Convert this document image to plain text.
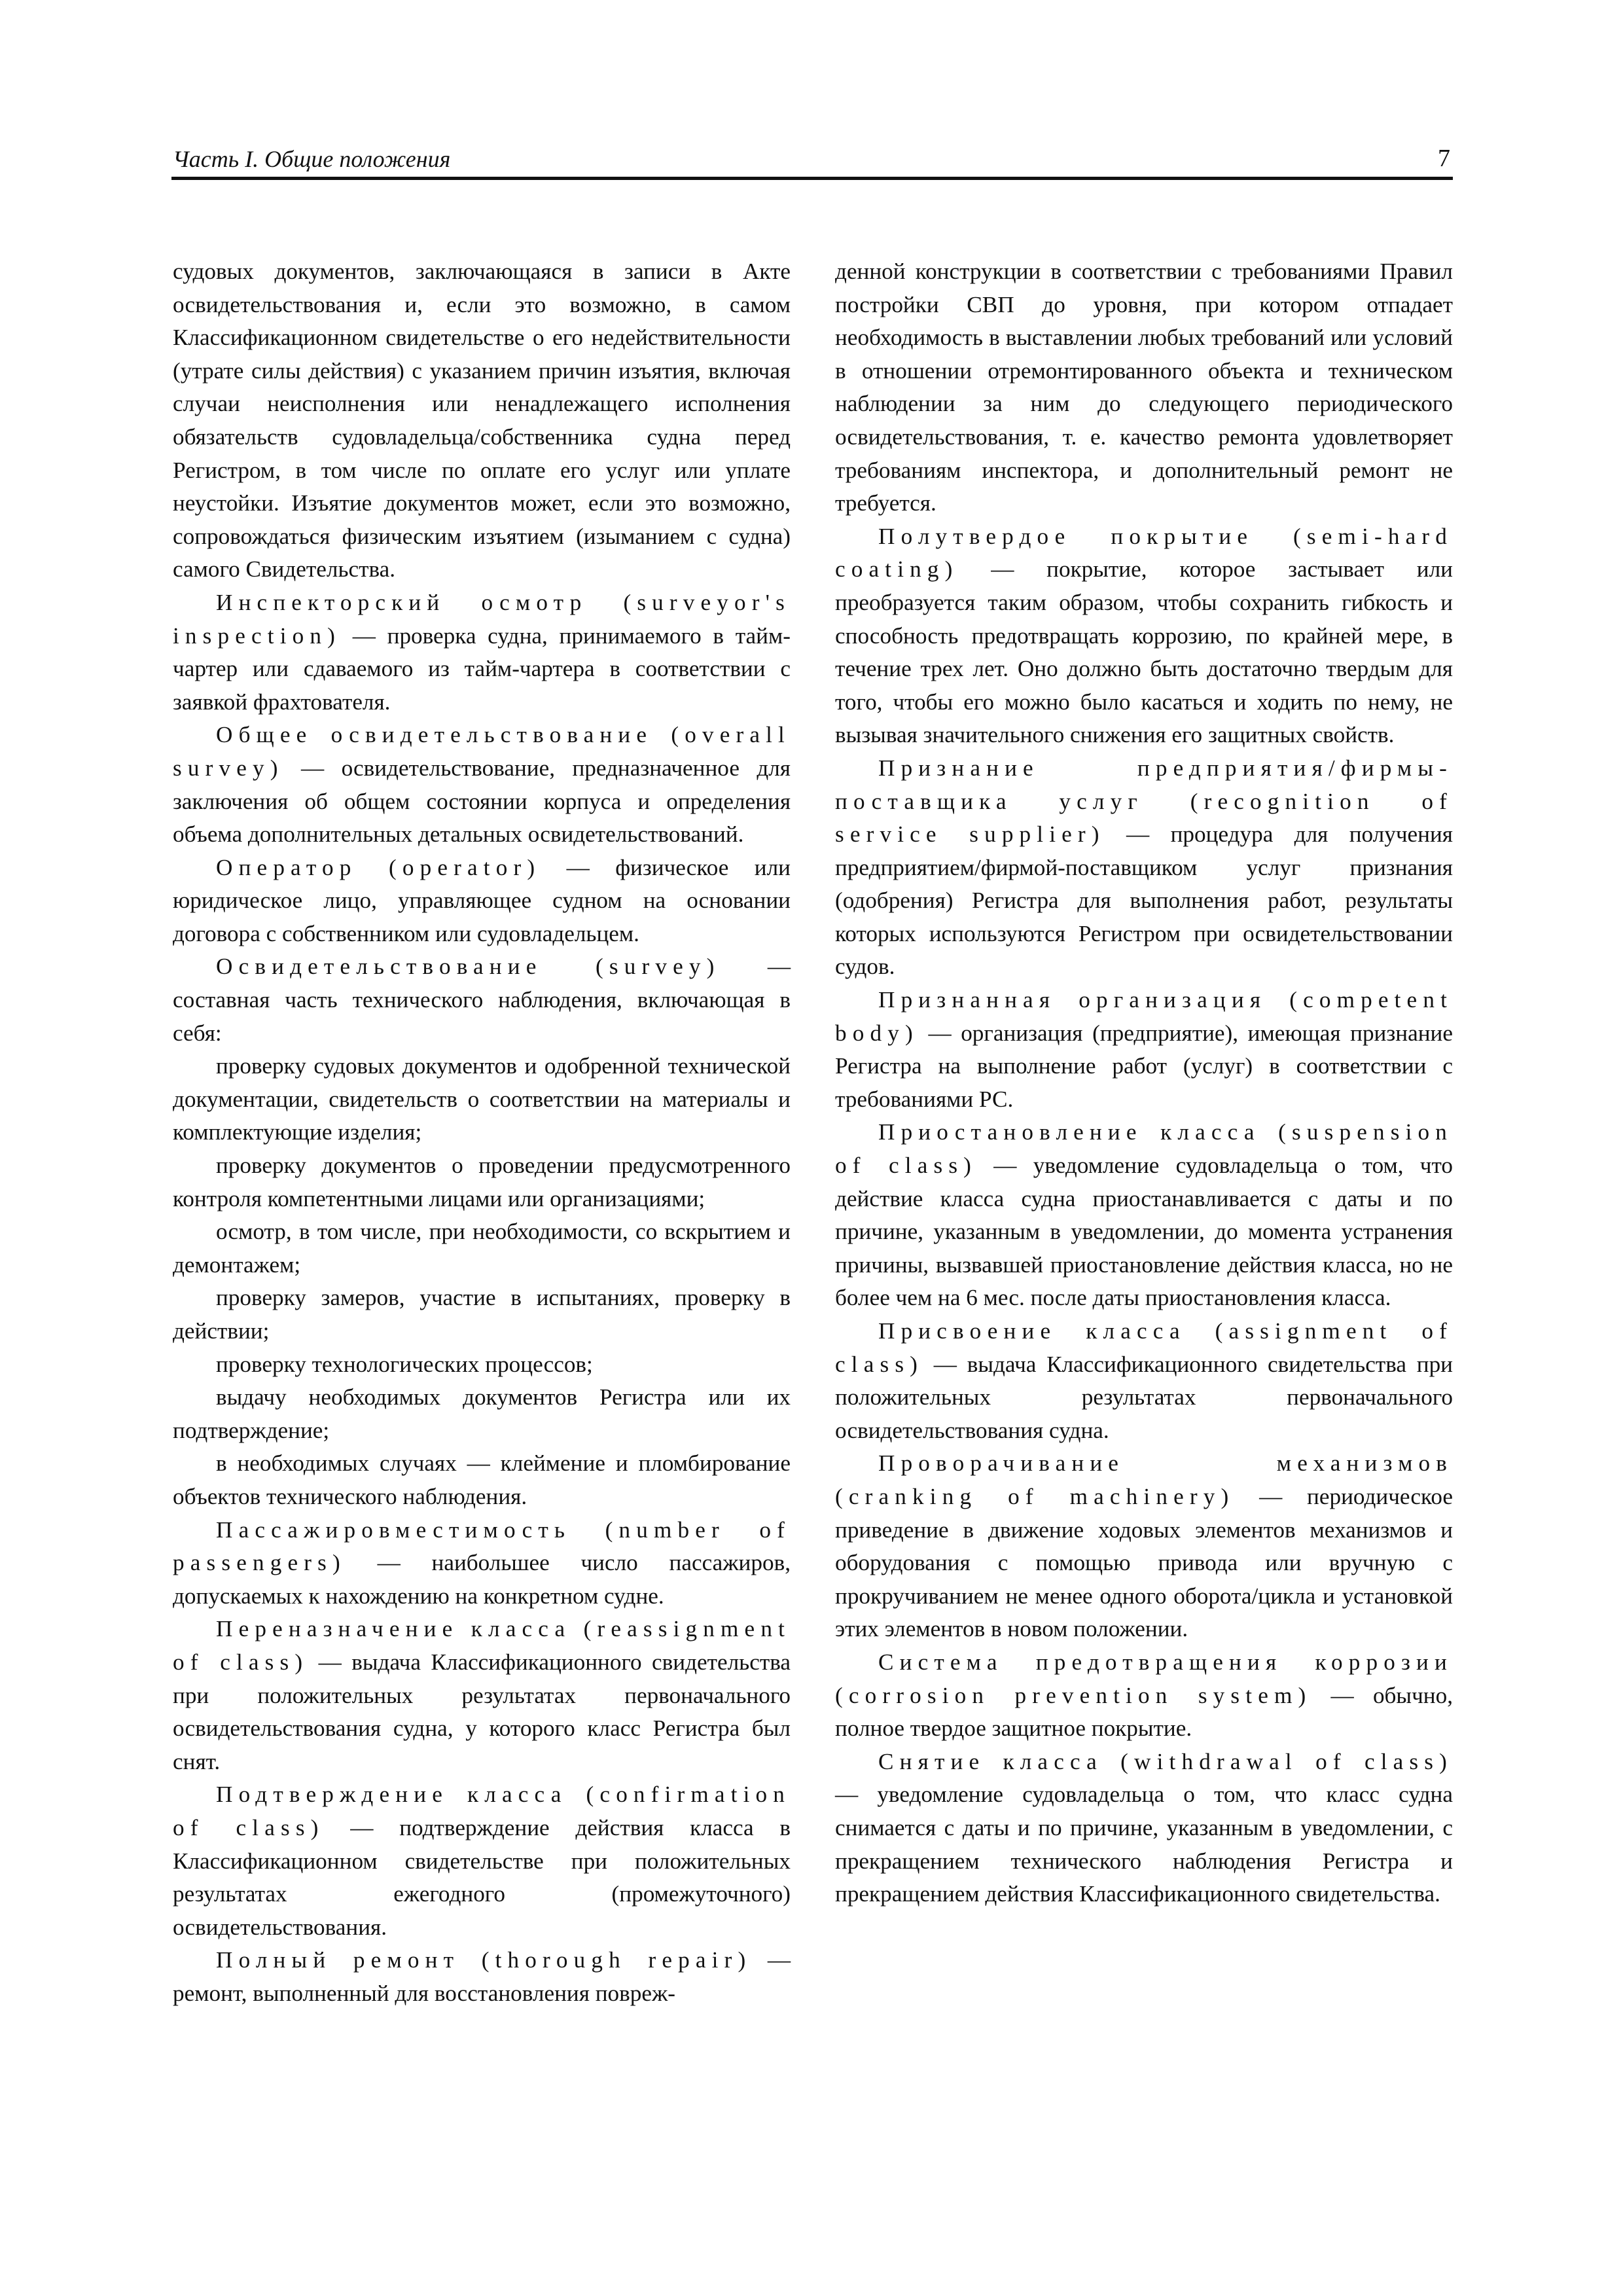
Часть I. Общие положения	7

судовых документов, заключающаяся в записи в Акте освидетельствования и, если это возможно, в самом Классификационном свидетельстве о его недействительности (утрате силы действия) с указанием причин изъятия, включая случаи неисполнения или ненадлежащего исполнения обязательств судовладельца/собственника судна перед Регистром, в том числе по оплате его услуг или уплате неустойки. Изъятие документов может, если это возможно, сопровождаться физическим изъятием (изыманием с судна) самого Свидетельства.

Инспекторский осмотр (surveyor's inspection) — проверка судна, принимаемого в тайм-чартер или сдаваемого из тайм-чартера в соответствии с заявкой фрахтователя.

Общее освидетельствование (overall survey) — освидетельствование, предназначенное для заключения об общем состоянии корпуса и определения объема дополнительных детальных освидетельствований.

Оператор (operator) — физическое или юридическое лицо, управляющее судном на основании договора с собственником или судовладельцем.

Освидетельствование (survey) — составная часть технического наблюдения, включающая в себя:

проверку судовых документов и одобренной технической документации, свидетельств о соответствии на материалы и комплектующие изделия;

проверку документов о проведении предусмотренного контроля компетентными лицами или организациями;

осмотр, в том числе, при необходимости, со вскрытием и демонтажем;

проверку замеров, участие в испытаниях, проверку в действии;

проверку технологических процессов;

выдачу необходимых документов Регистра или их подтверждение;

в необходимых случаях — клеймение и пломбирование объектов технического наблюдения.

Пассажировместимость (number of passengers) — наибольшее число пассажиров, допускаемых к нахождению на конкретном судне.

Переназначение класса (reassignment of class) — выдача Классификационного свидетельства при положительных результатах первоначального освидетельствования судна, у которого класс Регистра был снят.

Подтверждение класса (confirmation of class) — подтверждение действия класса в Классификационном свидетельстве при положительных результатах ежегодного (промежуточного) освидетельствования.

Полный ремонт (thorough repair) — ремонт, выполненный для восстановления повреж-

денной конструкции в соответствии с требованиями Правил постройки СВП до уровня, при котором отпадает необходимость в выставлении любых требований или условий в отношении отремонтированного объекта и техническом наблюдении за ним до следующего периодического освидетельствования, т. е. качество ремонта удовлетворяет требованиям инспектора, и дополнительный ремонт не требуется.

Полутвердое покрытие (semi-hard coating) — покрытие, которое застывает или преобразуется таким образом, чтобы сохранить гибкость и способность предотвращать коррозию, по крайней мере, в течение трех лет. Оно должно быть достаточно твердым для того, чтобы его можно было касаться и ходить по нему, не вызывая значительного снижения его защитных свойств.

Признание предприятия/фирмы-поставщика услуг (recognition of service supplier) — процедура для получения предприятием/фирмой-поставщиком услуг признания (одобрения) Регистра для выполнения работ, результаты которых используются Регистром при освидетельствовании судов.

Признанная организация (competent body) — организация (предприятие), имеющая признание Регистра на выполнение работ (услуг) в соответствии с требованиями РС.

Приостановление класса (suspension of class) — уведомление судовладельца о том, что действие класса судна приостанавливается с даты и по причине, указанным в уведомлении, до момента устранения причины, вызвавшей приостановление действия класса, но не более чем на 6 мес. после даты приостановления класса.

Присвоение класса (assignment of class) — выдача Классификационного свидетельства при положительных результатах первоначального освидетельствования судна.

Проворачивание механизмов (cranking of machinery) — периодическое приведение в движение ходовых элементов механизмов и оборудования с помощью привода или вручную с прокручиванием не менее одного оборота/цикла и установкой этих элементов в новом положении.

Система предотвращения коррозии (corrosion prevention system) — обычно, полное твердое защитное покрытие.

Снятие класса (withdrawal of class) — уведомление судовладельца о том, что класс судна снимается с даты и по причине, указанным в уведомлении, с прекращением технического наблюдения Регистра и прекращением действия Классификационного свидетельства.
